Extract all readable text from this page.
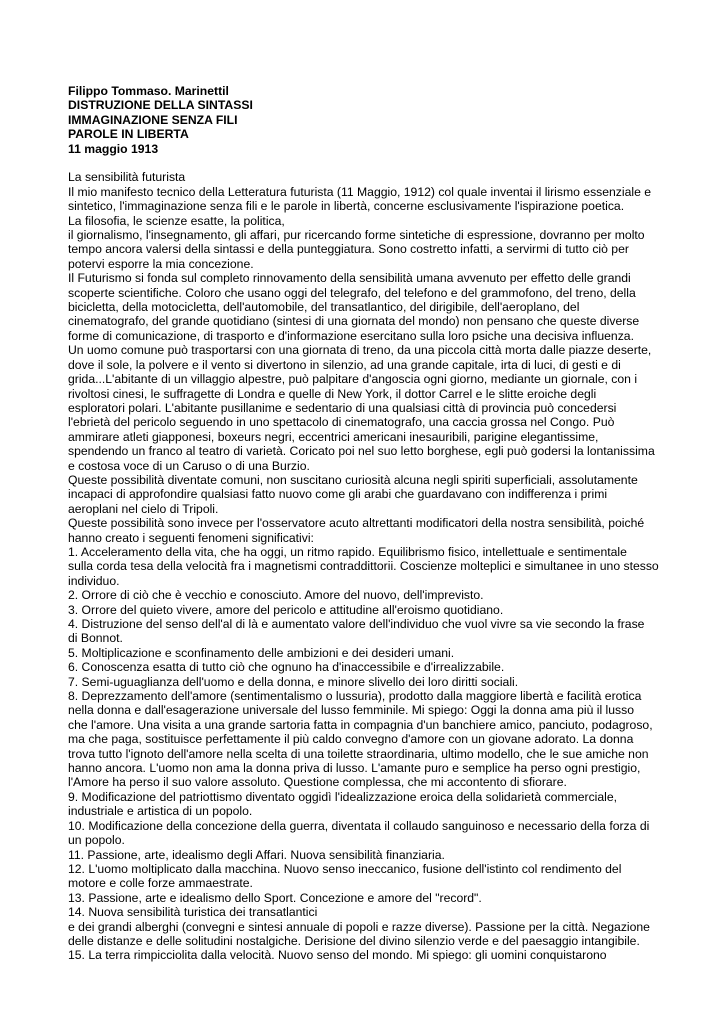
Filippo Tommaso. Marinettil
DISTRUZIONE DELLA SINTASSI
IMMAGINAZIONE SENZA FILI
PAROLE IN LIBERTA
11 maggio 1913
La sensibilità futurista
Il mio manifesto tecnico della Letteratura futurista (11 Maggio, 1912) col quale inventai il lirismo essenziale e
sintetico, l'immaginazione senza fili e le parole in libertà, concerne esclusivamente l'ispirazione poetica.
La filosofia, le scienze esatte, la politica,
il giornalismo, l'insegnamento, gli affari, pur ricercando forme sintetiche di espressione, dovranno per molto
tempo ancora valersi della sintassi e della punteggiatura. Sono costretto infatti, a servirmi di tutto ciò per
potervi esporre la mia concezione.
Il Futurismo si fonda sul completo rinnovamento della sensibilità umana avvenuto per effetto delle grandi
scoperte scientifiche. Coloro che usano oggi del telegrafo, del telefono e del grammofono, del treno, della
bicicletta, della motocicletta, dell'automobile, del transatlantico, del dirigibile, dell'aeroplano, del
cinematografo, del grande quotidiano (sintesi di una giornata del mondo) non pensano che queste diverse
forme di comunicazione, di trasporto e d'informazione esercitano sulla loro psiche una decisiva influenza.
Un uomo comune può trasportarsi con una giornata di treno, da una piccola città morta dalle piazze deserte,
dove il sole, la polvere e il vento si divertono in silenzio, ad una grande capitale, irta di luci, di gesti e di
grida...L'abitante di un villaggio alpestre, può palpitare d'angoscia ogni giorno, mediante un giornale, con i
rivoltosi cinesi, le suffragette di Londra e quelle di New York, il dottor Carrel e le slitte eroiche degli
esploratori polari. L'abitante pusillanime e sedentario di una qualsiasi città di provincia può concedersi
l'ebrietà del pericolo seguendo in uno spettacolo di cinematografo, una caccia grossa nel Congo. Può
ammirare atleti giapponesi, boxeurs negri, eccentrici americani inesauribili, parigine elegantissime,
spendendo un franco al teatro di varietà. Coricato poi nel suo letto borghese, egli può godersi la lontanissima
e costosa voce di un Caruso o di una Burzio.
Queste possibilità diventate comuni, non suscitano curiosità alcuna negli spiriti superficiali, assolutamente
incapaci di approfondire qualsiasi fatto nuovo come gli arabi che guardavano con indifferenza i primi
aeroplani nel cielo di Tripoli.
Queste possibilità sono invece per l'osservatore acuto altrettanti modificatori della nostra sensibilità, poiché
hanno creato i seguenti fenomeni significativi:
1. Acceleramento della vita, che ha oggi, un ritmo rapido. Equilibrismo fisico, intellettuale e sentimentale
sulla corda tesa della velocità fra i magnetismi contraddittorii. Coscienze molteplici e simultanee in uno stesso
individuo.
2. Orrore di ciò che è vecchio e conosciuto. Amore del nuovo, dell'imprevisto.
3. Orrore del quieto vivere, amore del pericolo e attitudine all'eroismo quotidiano.
4. Distruzione del senso dell'al di là e aumentato valore dell'individuo che vuol vivre sa vie secondo la frase
di Bonnot.
5. Moltiplicazione e sconfinamento delle ambizioni e dei desideri umani.
6. Conoscenza esatta di tutto ciò che ognuno ha d'inaccessibile e d'irrealizzabile.
7. Semi-uguaglianza dell'uomo e della donna, e minore slivello dei loro diritti sociali.
8. Deprezzamento dell'amore (sentimentalismo o lussuria), prodotto dalla maggiore libertà e facilità erotica
nella donna e dall'esagerazione universale del lusso femminile. Mi spiego: Oggi la donna ama più il lusso
che l'amore. Una visita a una grande sartoria fatta in compagnia d'un banchiere amico, panciuto, podagroso,
ma che paga, sostituisce perfettamente il più caldo convegno d'amore con un giovane adorato. La donna
trova tutto l'ignoto dell'amore nella scelta di una toilette straordinaria, ultimo modello, che le sue amiche non
hanno ancora. L'uomo non ama la donna priva di lusso. L'amante puro e semplice ha perso ogni prestigio,
l'Amore ha perso il suo valore assoluto. Questione complessa, che mi accontento di sfiorare.
9. Modificazione del patriottismo diventato oggidì l'idealizzazione eroica della solidarietà commerciale,
industriale e artistica di un popolo.
10. Modificazione della concezione della guerra, diventata il collaudo sanguinoso e necessario della forza di
un popolo.
11. Passione, arte, idealismo degli Affari. Nuova sensibilità finanziaria.
12. L'uomo moltiplicato dalla macchina. Nuovo senso ineccanico, fusione dell'istinto col rendimento del
motore e colle forze ammaestrate.
13. Passione, arte e idealismo dello Sport. Concezione e amore del "record".
14. Nuova sensibilità turistica dei transatlantici
e dei grandi alberghi (convegni e sintesi annuale di popoli e razze diverse). Passione per la città. Negazione
delle distanze e delle solitudini nostalgiche. Derisione del divino silenzio verde e del paesaggio intangibile.
15. La terra rimpicciolita dalla velocità. Nuovo senso del mondo. Mi spiego: gli uomini conquistarono
